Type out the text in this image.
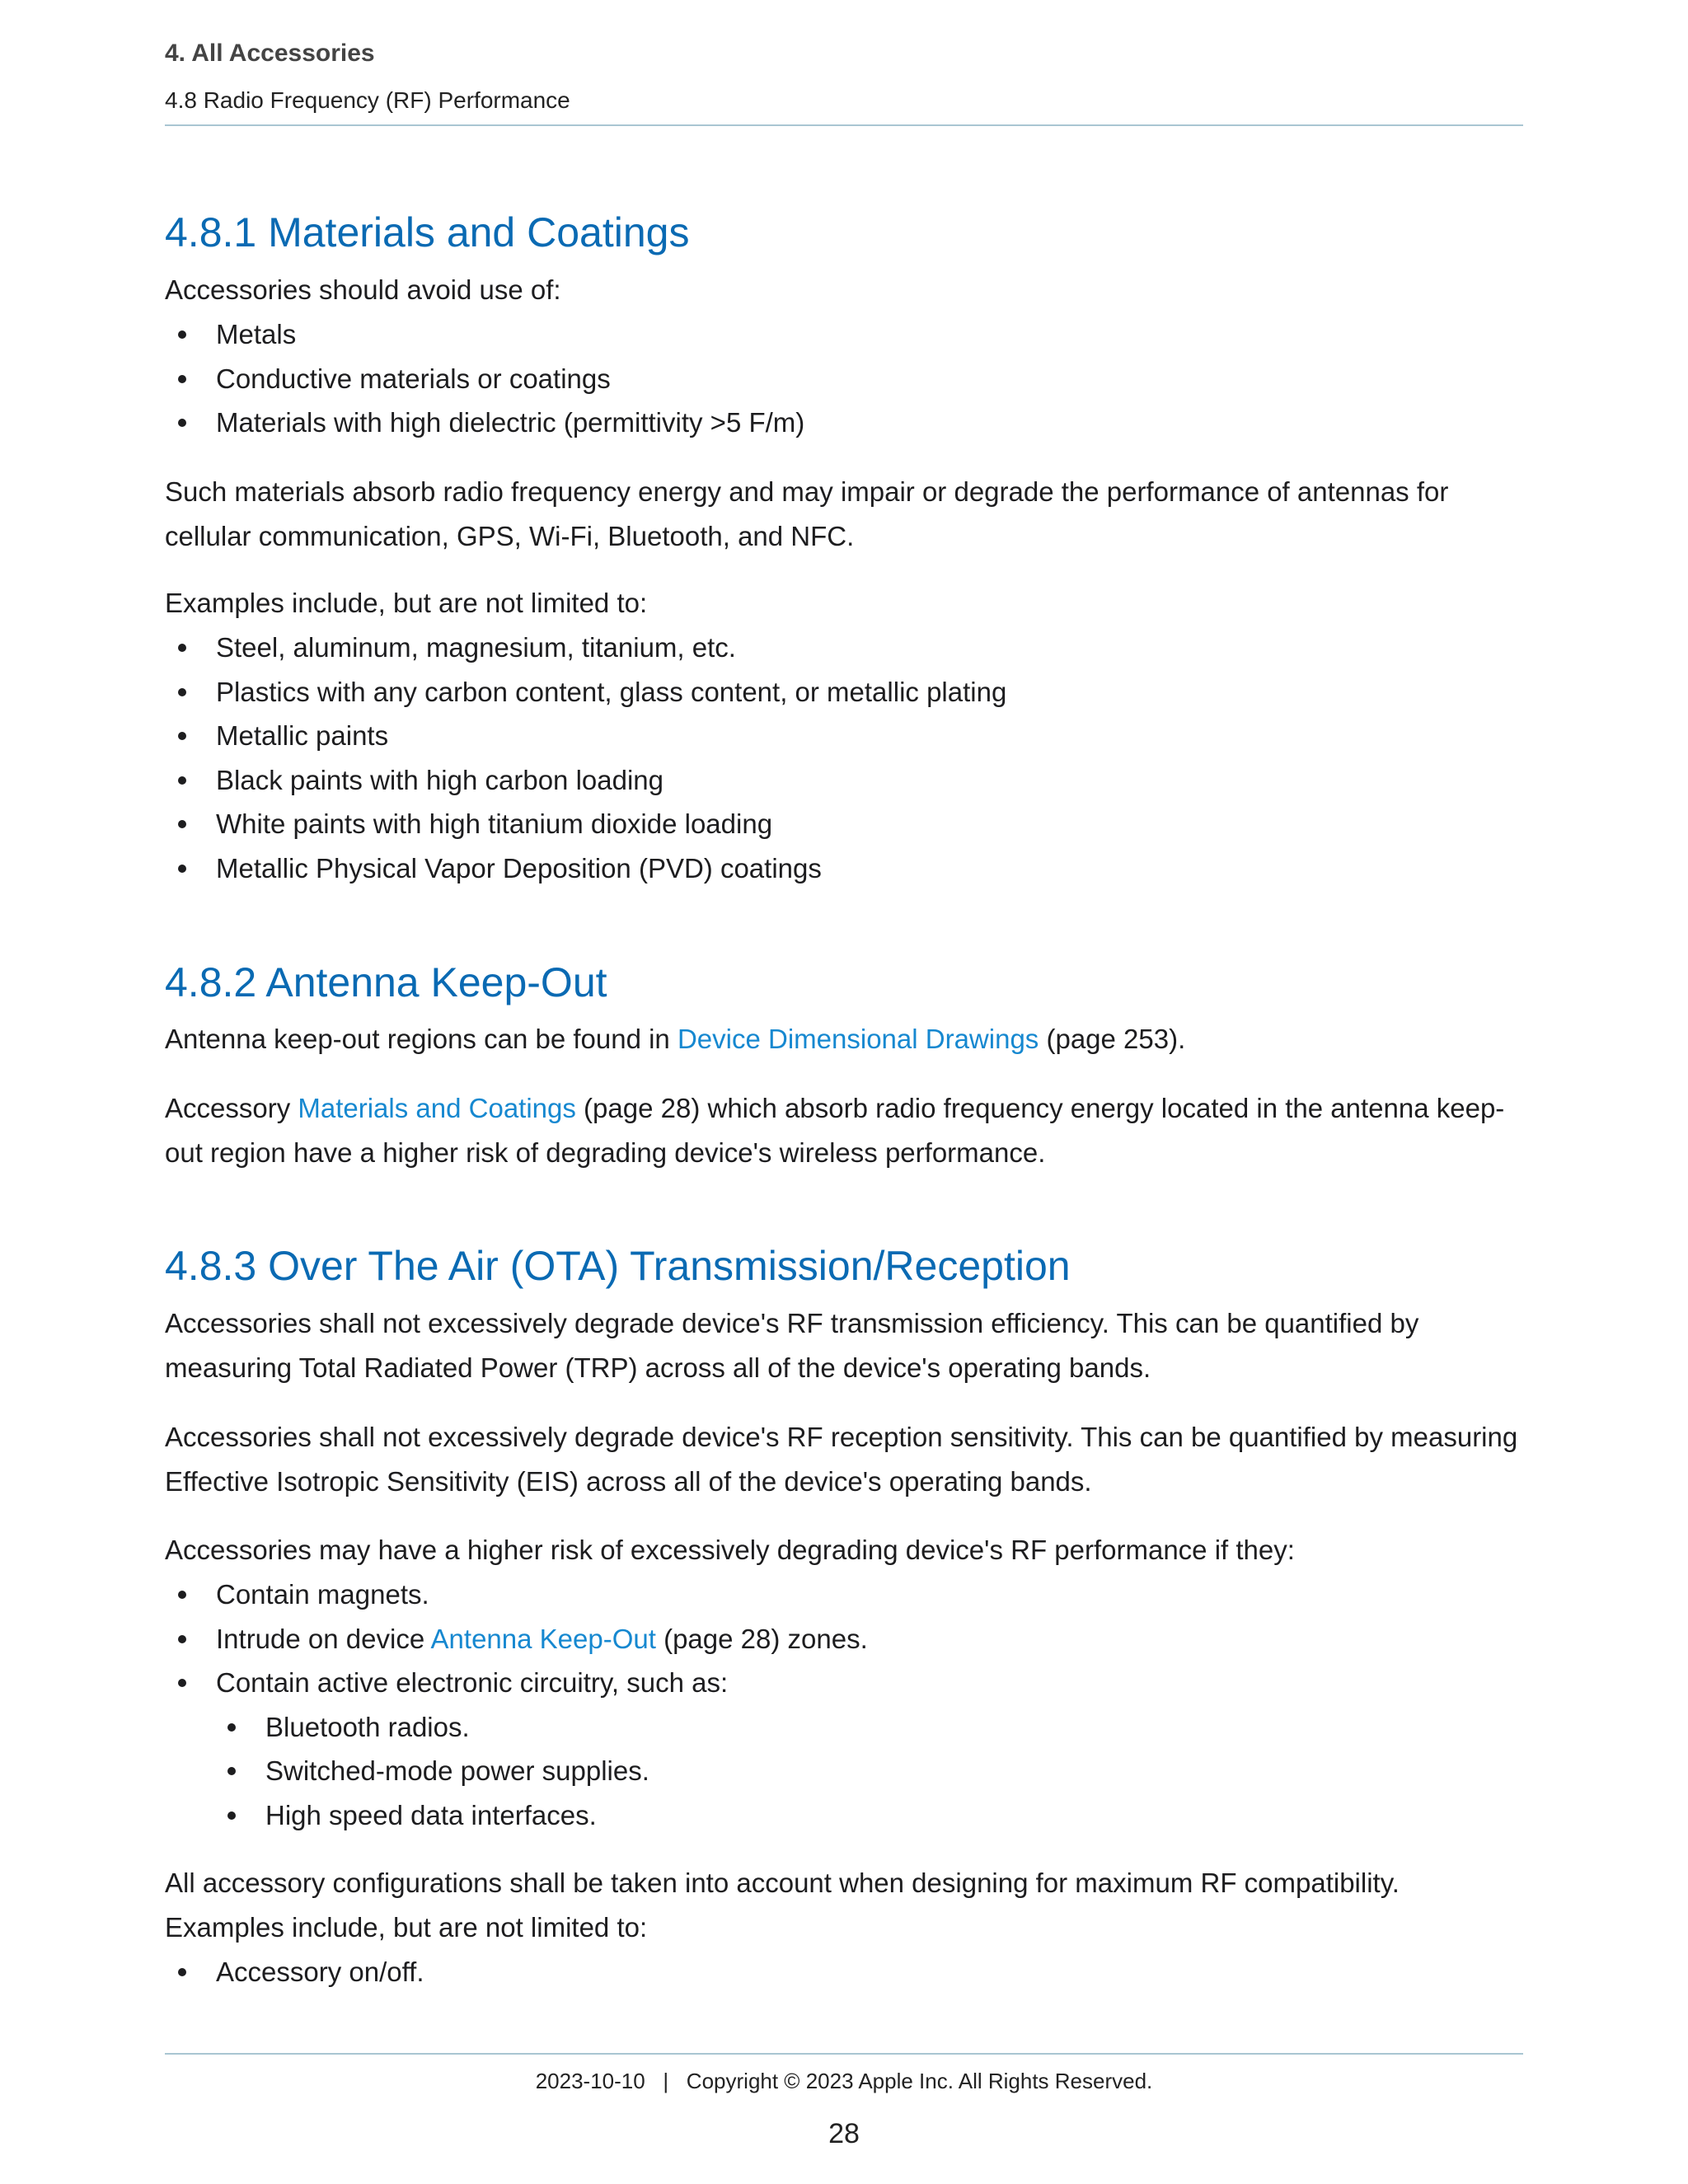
4. All Accessories
4.8 Radio Frequency (RF) Performance
4.8.1 Materials and Coatings
Accessories should avoid use of:
Metals
Conductive materials or coatings
Materials with high dielectric (permittivity >5 F/m)
Such materials absorb radio frequency energy and may impair or degrade the performance of antennas for cellular communication, GPS, Wi-Fi, Bluetooth, and NFC.
Examples include, but are not limited to:
Steel, aluminum, magnesium, titanium, etc.
Plastics with any carbon content, glass content, or metallic plating
Metallic paints
Black paints with high carbon loading
White paints with high titanium dioxide loading
Metallic Physical Vapor Deposition (PVD) coatings
4.8.2 Antenna Keep-Out
Antenna keep-out regions can be found in Device Dimensional Drawings (page 253).
Accessory Materials and Coatings (page 28) which absorb radio frequency energy located in the antenna keep-out region have a higher risk of degrading device's wireless performance.
4.8.3 Over The Air (OTA) Transmission/Reception
Accessories shall not excessively degrade device's RF transmission efficiency. This can be quantified by measuring Total Radiated Power (TRP) across all of the device's operating bands.
Accessories shall not excessively degrade device's RF reception sensitivity. This can be quantified by measuring Effective Isotropic Sensitivity (EIS) across all of the device's operating bands.
Accessories may have a higher risk of excessively degrading device's RF performance if they:
Contain magnets.
Intrude on device Antenna Keep-Out (page 28) zones.
Contain active electronic circuitry, such as:
Bluetooth radios.
Switched-mode power supplies.
High speed data interfaces.
All accessory configurations shall be taken into account when designing for maximum RF compatibility. Examples include, but are not limited to:
Accessory on/off.
2023-10-10   |   Copyright © 2023 Apple Inc. All Rights Reserved.
28
